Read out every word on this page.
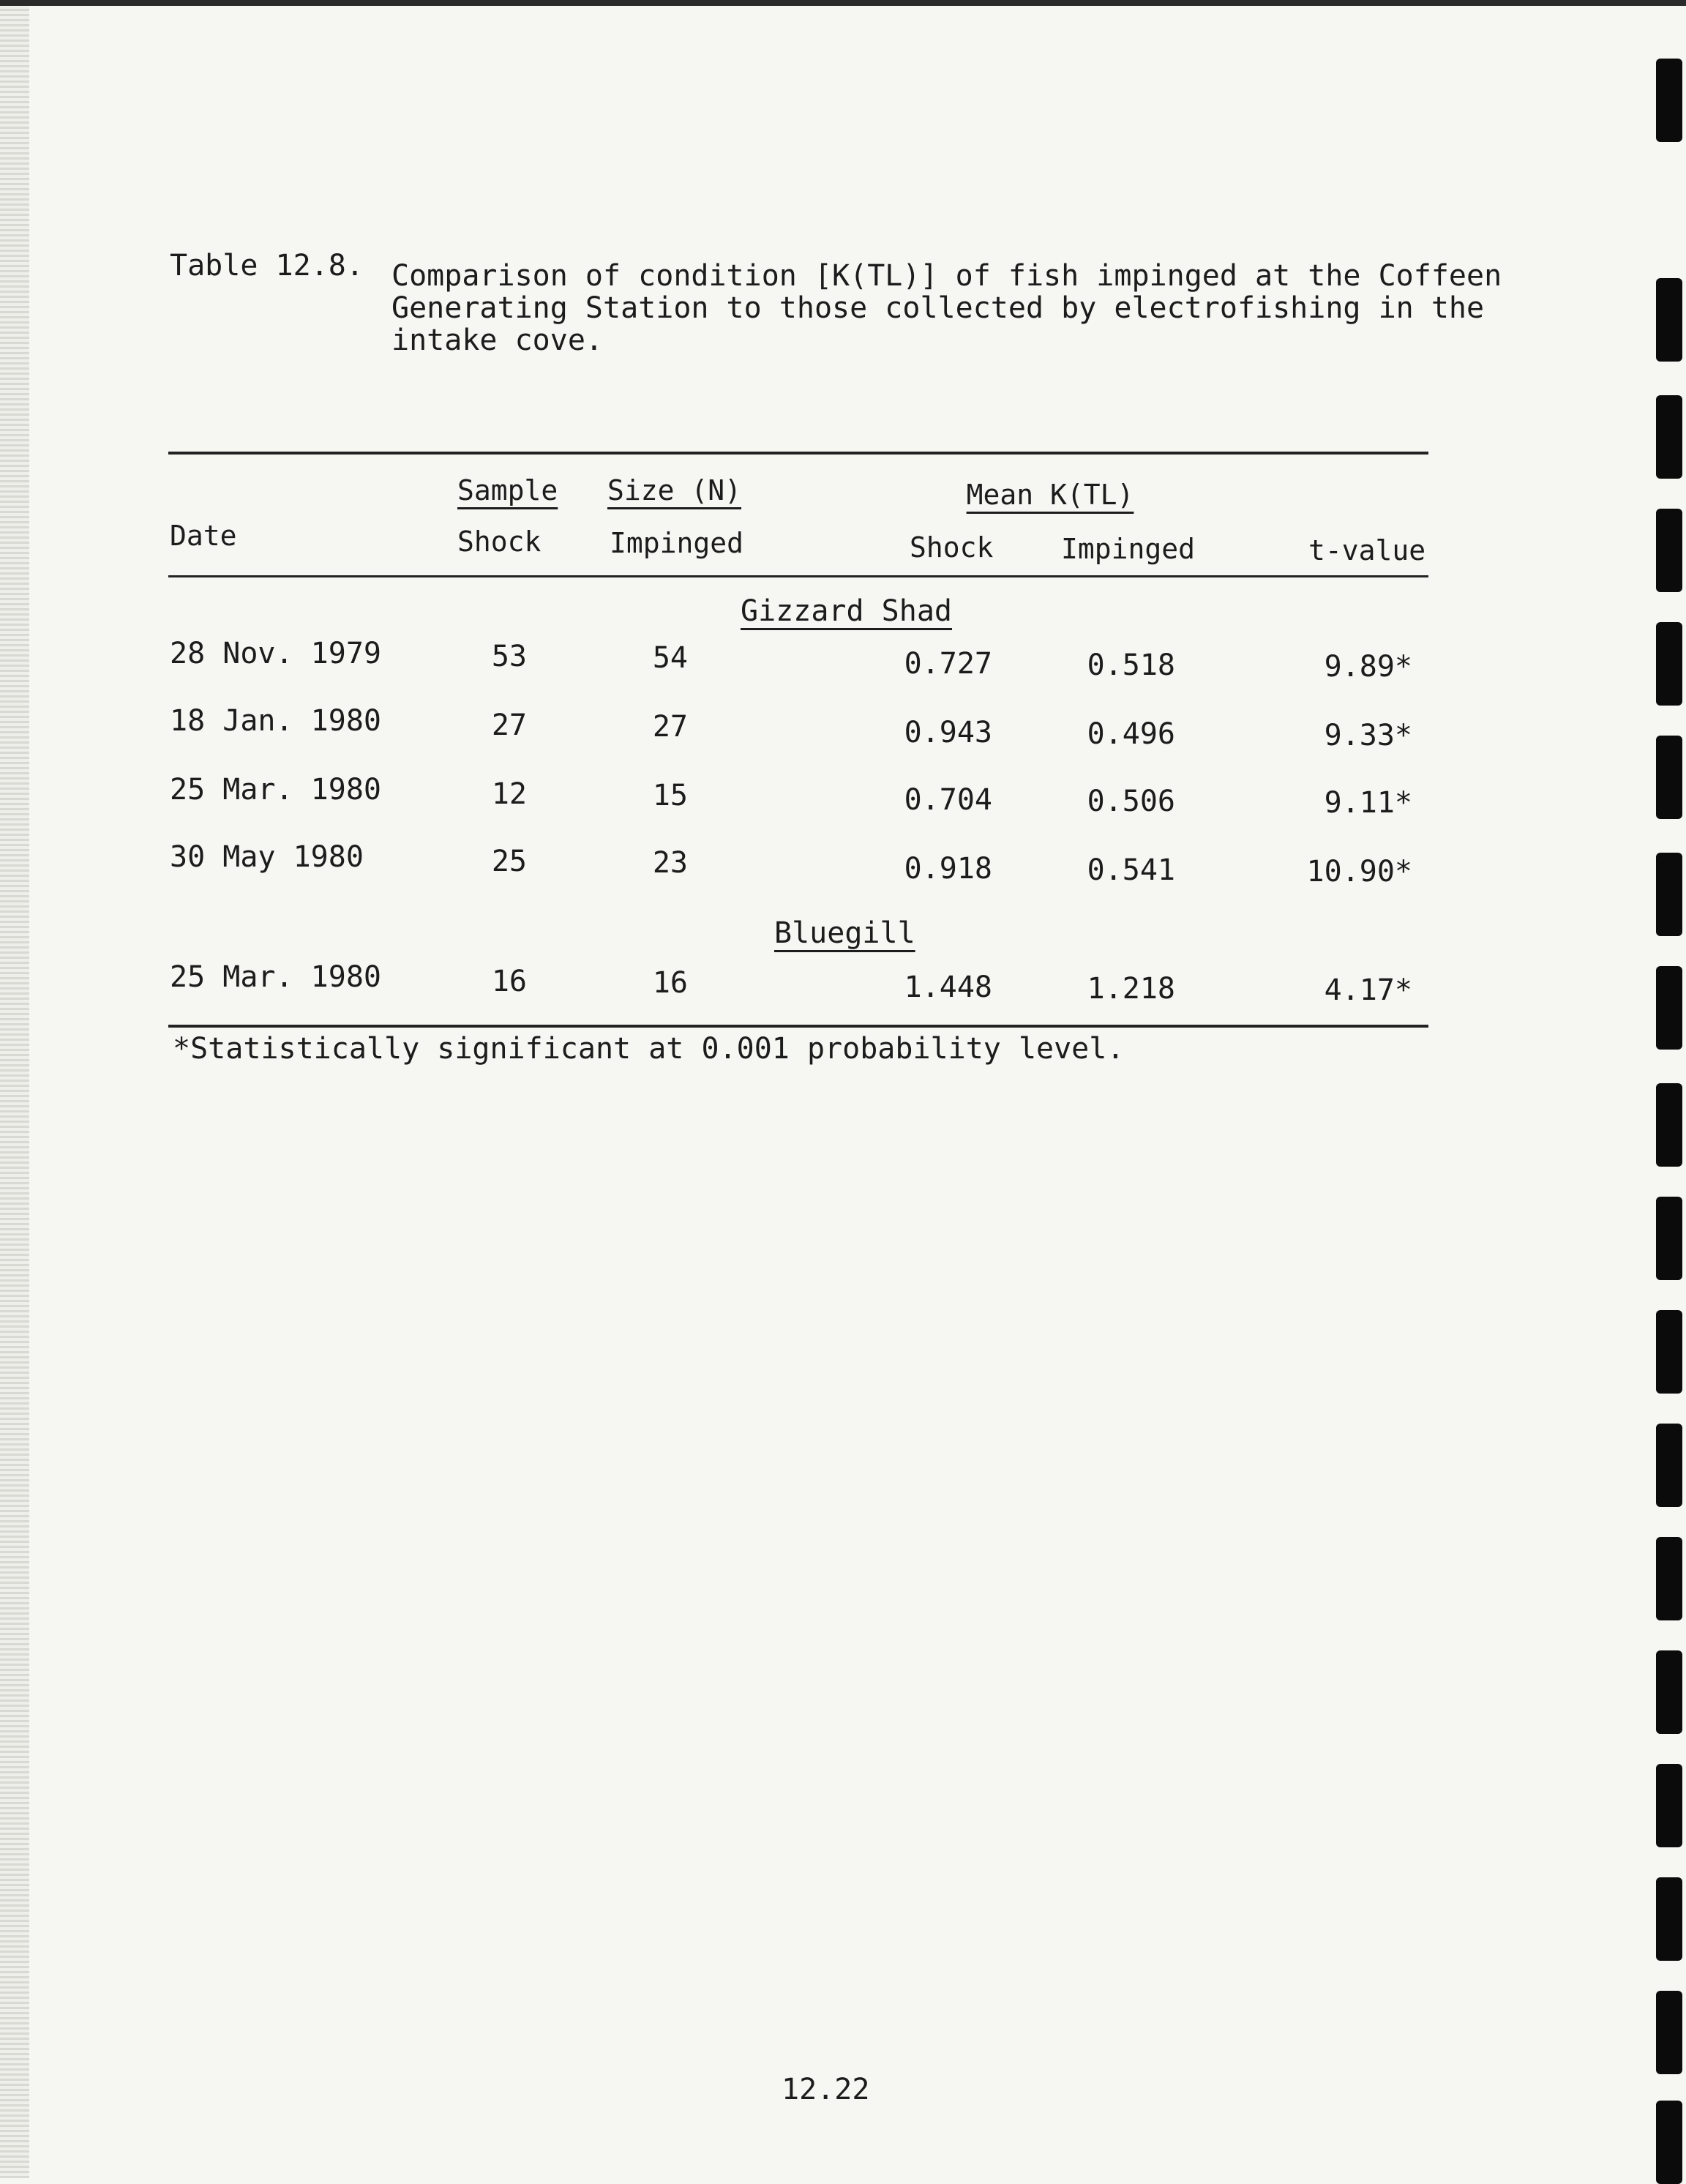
Table 12.8. Comparison of condition [K(TL)] of fish impinged at the Coffeen
Generating Station to those collected by electrofishing in the
intake cove.
Sample Size (N)	Mean K(TL)
Date	Shock Impinged	Shock Impinged	t-value
Gizzard Shad
28 Nov. 1979	53	54	0.727	0.518	9.89*
18 Jan. 1980	27	27	0.943	0.496	9.33*
25 Mar. 1980	12	15	0.704	0.506	9.11*
30 May 1980	25	23	0.918	0.541	10.90*
Bluegill
25 Mar. 1980	16	16	1.448	1.218	4.17*
*Statistically significant at 0.001 probability level.
12.22
